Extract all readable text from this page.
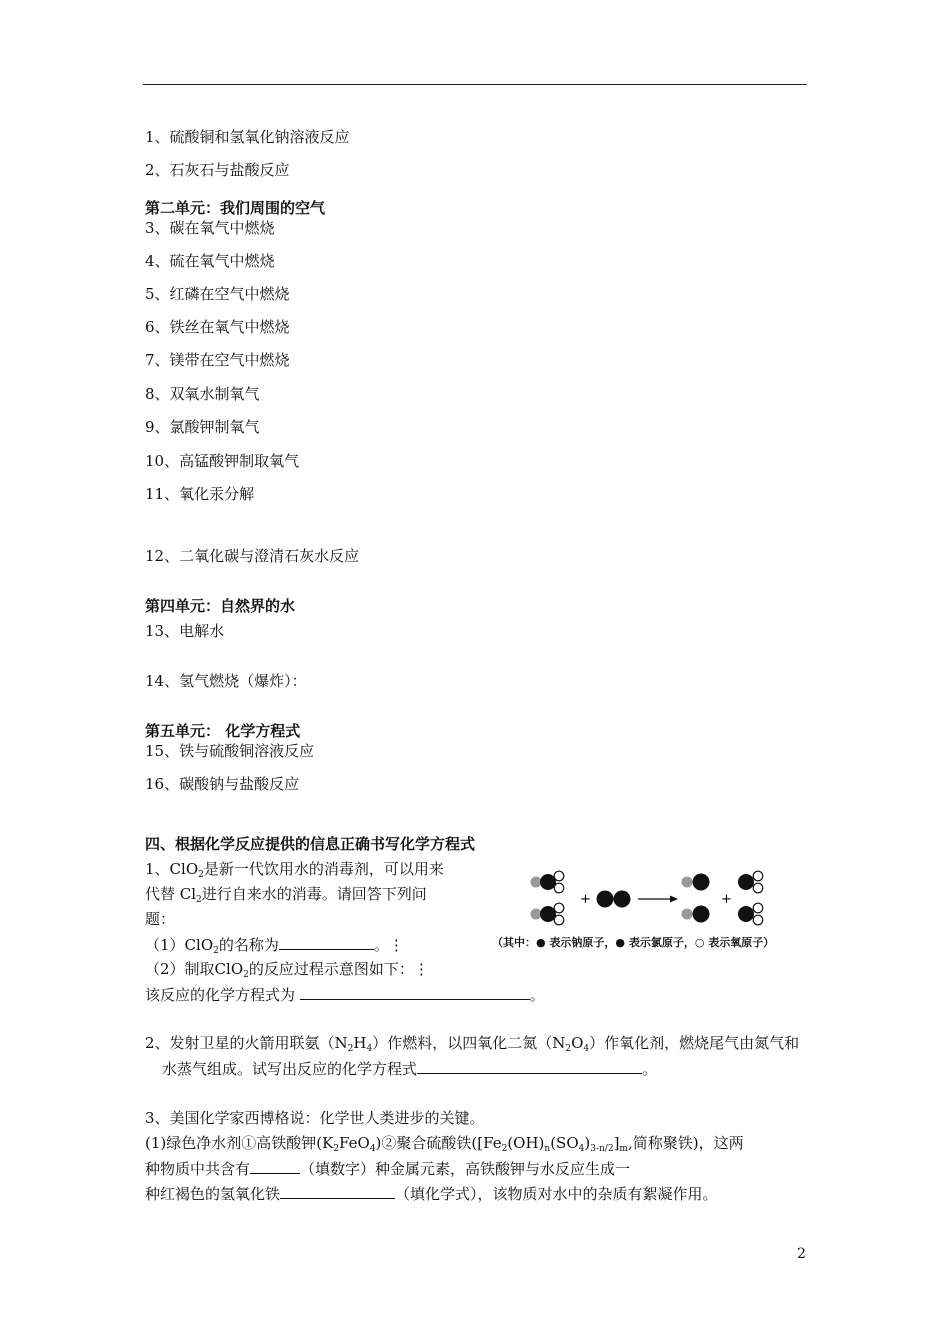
1、硫酸铜和氢氧化钠溶液反应
2、石灰石与盐酸反应
第二单元：我们周围的空气
3、碳在氧气中燃烧
4、硫在氧气中燃烧
5、红磷在空气中燃烧
6、铁丝在氧气中燃烧
7、镁带在空气中燃烧
8、双氧水制氧气
9、氯酸钾制氧气
10、高锰酸钾制取氧气
11、氧化汞分解
12、二氧化碳与澄清石灰水反应
第四单元：自然界的水
13、电解水
14、氢气燃烧（爆炸）：
第五单元： 化学方程式
15、铁与硫酸铜溶液反应
16、碳酸钠与盐酸反应
四、根据化学反应提供的信息正确书写化学方程式
1、ClO$_2$是新一代饮用水的消毒剂，可以用来
代替 $Cl_2$进行自来水的消毒。请回答下列问
题：
（1）ClO$_2$的名称为	。⋮
（2）制取ClO$_2$的反应过程示意图如下：⋮
该反应的化学方程式为	。
+	+
（其中：● 表示钠原子，● 表示氯原子，○ 表示氧原子）
2、发射卫星的火箭用联氨$(N_2H_4)$作燃料，以四氧化二氮$(N_2O_4)$作氧化剂，燃烧尾气由氮气和
水蒸气组成。试写出反应的化学方程式	。
3、美国化学家西博格说：化学世人类进步的关键。
(1)绿色净水剂①高铁酸钾$(K_2FeO_4)②$聚合硫酸铁($[Fe_2(OH)_n(SO_4)_{3-n/2}]_m$,简称聚铁)，这两
种物质中共含有	（填数字）种金属元素，高铁酸钾与水反应生成一
种红褐色的氢氧化铁	（填化学式），该物质对水中的杂质有絮凝作用。
2
